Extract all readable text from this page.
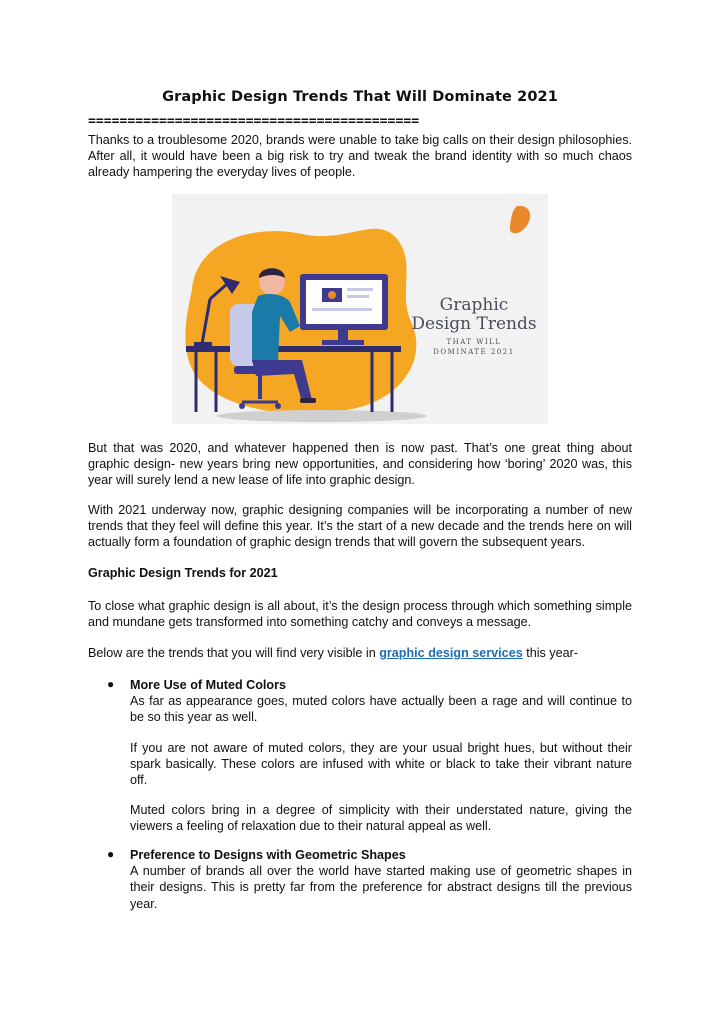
Graphic Design Trends That Will Dominate 2021
==========================================

Thanks to a troublesome 2020, brands were unable to take big calls on their design philosophies. After all, it would have been a big risk to try and tweak the brand identity with so much chaos already hampering the everyday lives of people.

Graphic
Design Trends
THAT WILL
DOMINATE 2021

But that was 2020, and whatever happened then is now past. That’s one great thing about graphic design- new years bring new opportunities, and considering how ‘boring’ 2020 was, this year will surely lend a new lease of life into graphic design.

With 2021 underway now, graphic designing companies will be incorporating a number of new trends that they feel will define this year. It’s the start of a new decade and the trends here on will actually form a foundation of graphic design trends that will govern the subsequent years.

Graphic Design Trends for 2021

To close what graphic design is all about, it’s the design process through which something simple and mundane gets transformed into something catchy and conveys a message.

Below are the trends that you will find very visible in graphic design services this year-

● More Use of Muted Colors

As far as appearance goes, muted colors have actually been a rage and will continue to be so this year as well.

If you are not aware of muted colors, they are your usual bright hues, but without their spark basically. These colors are infused with white or black to take their vibrant nature off.

Muted colors bring in a degree of simplicity with their understated nature, giving the viewers a feeling of relaxation due to their natural appeal as well.

● Preference to Designs with Geometric Shapes

A number of brands all over the world have started making use of geometric shapes in their designs. This is pretty far from the preference for abstract designs till the previous year.
